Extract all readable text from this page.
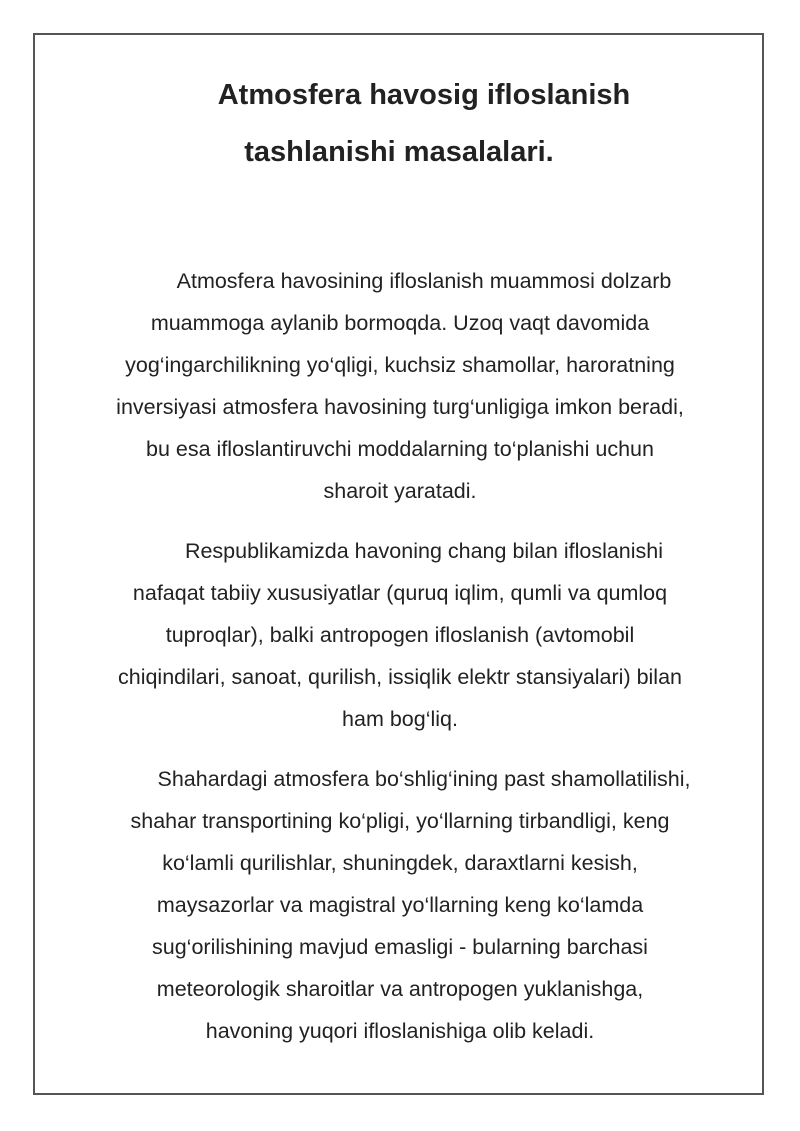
Atmosfera havosig ifloslanish
tashlanishi masalalari.

Atmosfera havosining ifloslanish muammosi dolzarb
muammoga aylanib bormoqda. Uzoq vaqt davomida
yog‘ingarchilikning yo‘qligi, kuchsiz shamollar, haroratning
inversiyasi atmosfera havosining turg‘unligiga imkon beradi,
bu esa ifloslantiruvchi moddalarning to‘planishi uchun
sharoit yaratadi.

Respublikamizda havoning chang bilan ifloslanishi
nafaqat tabiiy xususiyatlar (quruq iqlim, qumli va qumloq
tuproqlar), balki antropogen ifloslanish (avtomobil
chiqindilari, sanoat, qurilish, issiqlik elektr stansiyalari) bilan
ham bog‘liq.

Shahardagi atmosfera bo‘shlig‘ining past shamollatilishi,
shahar transportining ko‘pligi, yo‘llarning tirbandligi, keng
ko‘lamli qurilishlar, shuningdek, daraxtlarni kesish,
maysazorlar va magistral yo‘llarning keng ko‘lamda
sug‘orilishining mavjud emasligi - bularning barchasi
meteorologik sharoitlar va antropogen yuklanishga,
havoning yuqori ifloslanishiga olib keladi.
